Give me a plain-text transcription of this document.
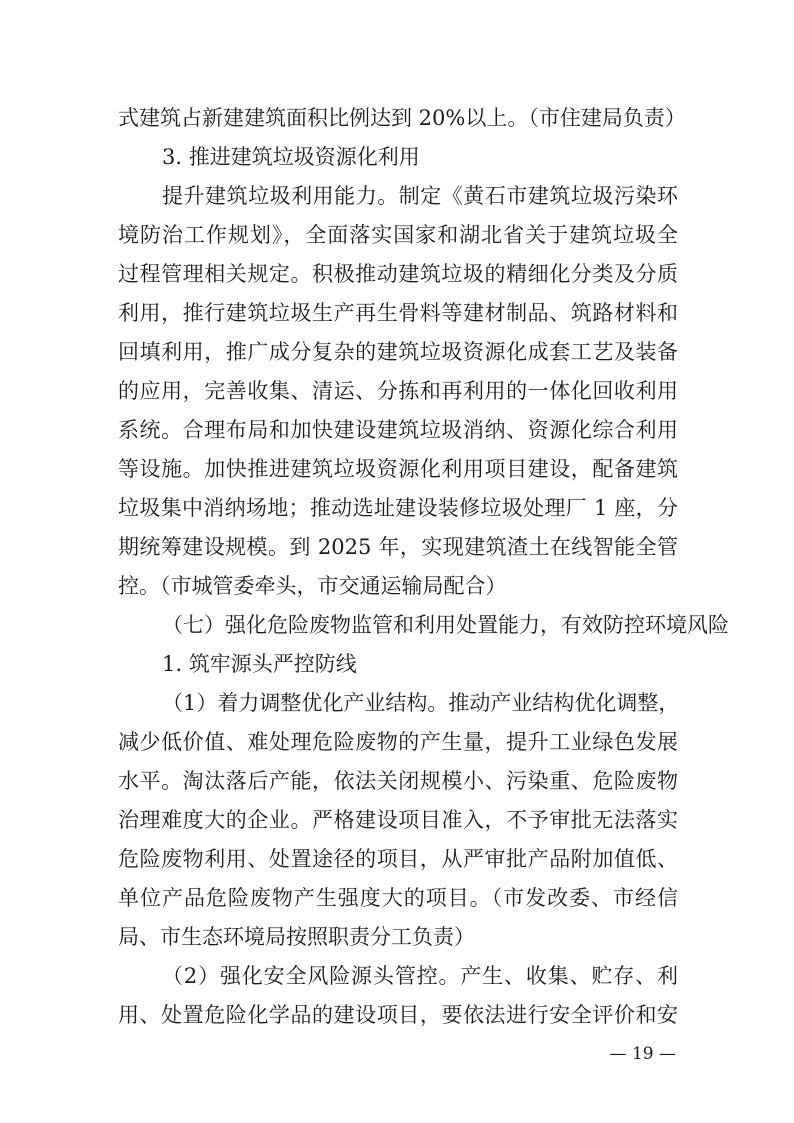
式建筑占新建建筑面积比例达到 20%以上。（市住建局负责）
3. 推进建筑垃圾资源化利用
提升建筑垃圾利用能力。制定《黄石市建筑垃圾污染环
境防治工作规划》，全面落实国家和湖北省关于建筑垃圾全
过程管理相关规定。积极推动建筑垃圾的精细化分类及分质
利用，推行建筑垃圾生产再生骨料等建材制品、筑路材料和
回填利用，推广成分复杂的建筑垃圾资源化成套工艺及装备
的应用，完善收集、清运、分拣和再利用的一体化回收利用
系统。合理布局和加快建设建筑垃圾消纳、资源化综合利用
等设施。加快推进建筑垃圾资源化利用项目建设，配备建筑
垃圾集中消纳场地；推动选址建设装修垃圾处理厂 1 座，分
期统筹建设规模。到 2025 年，实现建筑渣土在线智能全管
控。（市城管委牵头，市交通运输局配合）
（七）强化危险废物监管和利用处置能力，有效防控环境风险
1. 筑牢源头严控防线
（1）着力调整优化产业结构。推动产业结构优化调整，
减少低价值、难处理危险废物的产生量，提升工业绿色发展
水平。淘汰落后产能，依法关闭规模小、污染重、危险废物
治理难度大的企业。严格建设项目准入，不予审批无法落实
危险废物利用、处置途径的项目，从严审批产品附加值低、
单位产品危险废物产生强度大的项目。（市发改委、市经信
局、市生态环境局按照职责分工负责）
（2）强化安全风险源头管控。产生、收集、贮存、利
用、处置危险化学品的建设项目，要依法进行安全评价和安
— 19 —
